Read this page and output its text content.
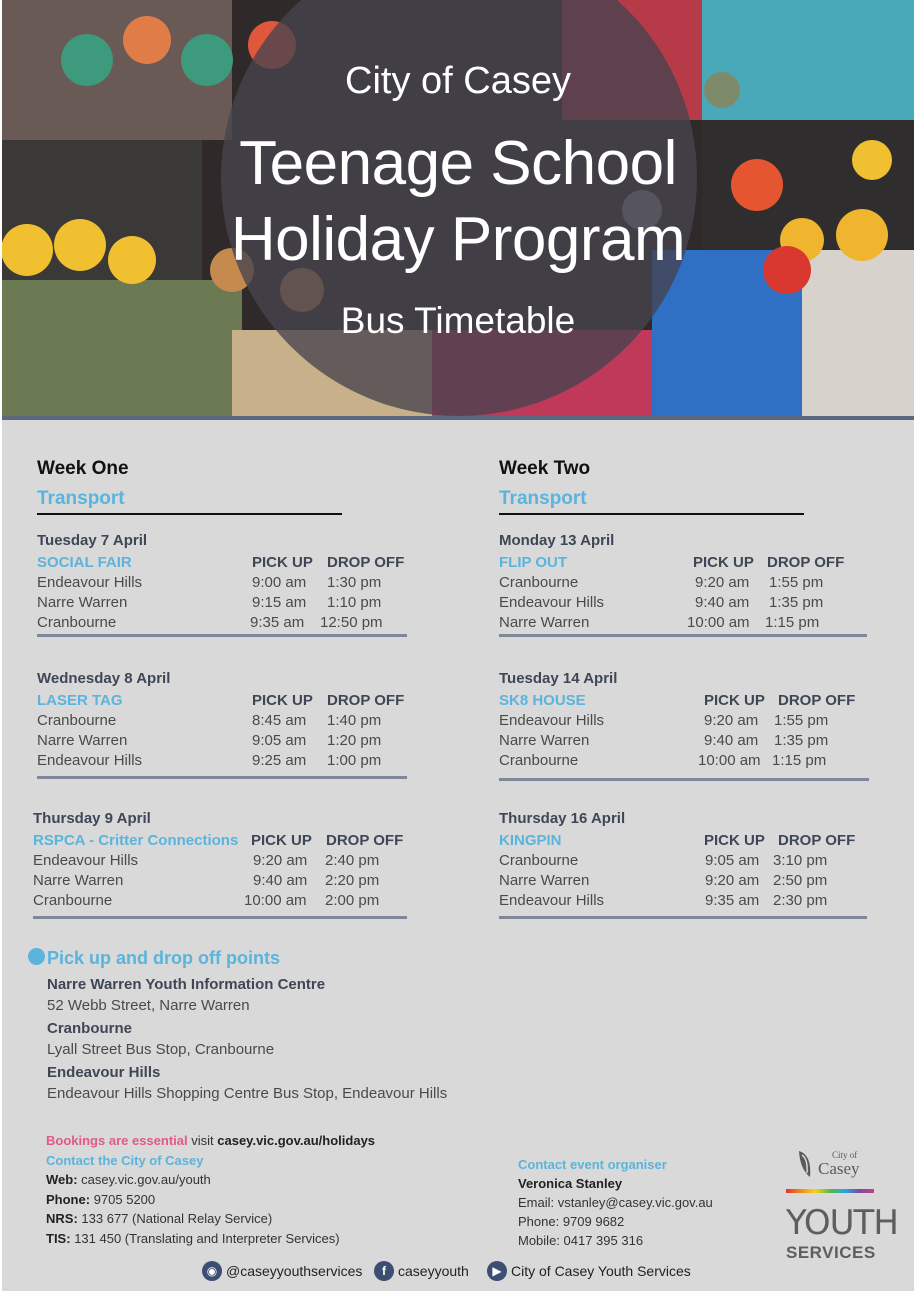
City of Casey
Teenage School
Holiday Program
Bus Timetable
Week One
Transport
Tuesday 7 April
SOCIAL FAIR	PICK UP DROP OFF
Endeavour Hills	9:00 am 1:30 pm
Narre Warren	9:15 am 1:10 pm
Cranbourne	9:35 am 12:50 pm
Wednesday 8 April
LASER TAG	PICK UP DROP OFF
Cranbourne	8:45 am 1:40 pm
Narre Warren	9:05 am 1:20 pm
Endeavour Hills	9:25 am 1:00 pm
Thursday 9 April
RSPCA - Critter Connections PICK UP DROP OFF
Endeavour Hills	9:20 am 2:40 pm
Narre Warren	9:40 am 2:20 pm
Cranbourne	10:00 am 2:00 pm
Week Two
Transport
Monday 13 April
FLIP OUT	PICK UP DROP OFF
Cranbourne	9:20 am 1:55 pm
Endeavour Hills	9:40 am 1:35 pm
Narre Warren	10:00 am 1:15 pm
Tuesday 14 April
SK8 HOUSE	PICK UP DROP OFF
Endeavour Hills	9:20 am 1:55 pm
Narre Warren	9:40 am 1:35 pm
Cranbourne	10:00 am 1:15 pm
Thursday 16 April
KINGPIN	PICK UP DROP OFF
Cranbourne	9:05 am 3:10 pm
Narre Warren	9:20 am 2:50 pm
Endeavour Hills	9:35 am 2:30 pm
Pick up and drop off points
Narre Warren Youth Information Centre
52 Webb Street, Narre Warren
Cranbourne
Lyall Street Bus Stop, Cranbourne
Endeavour Hills
Endeavour Hills Shopping Centre Bus Stop, Endeavour Hills
Bookings are essential visit casey.vic.gov.au/holidays
Contact the City of Casey
Web: casey.vic.gov.au/youth
Phone: 9705 5200
NRS: 133 677 (National Relay Service)
TIS: 131 450 (Translating and Interpreter Services)
Contact event organiser
Veronica Stanley
Email: vstanley@casey.vic.gov.au
Phone: 9709 9682
Mobile: 0417 395 316
City of
Casey
YOUTH
SERVICES
◉ @caseyyouthservices	f caseyyouth	▶ City of Casey Youth Services
